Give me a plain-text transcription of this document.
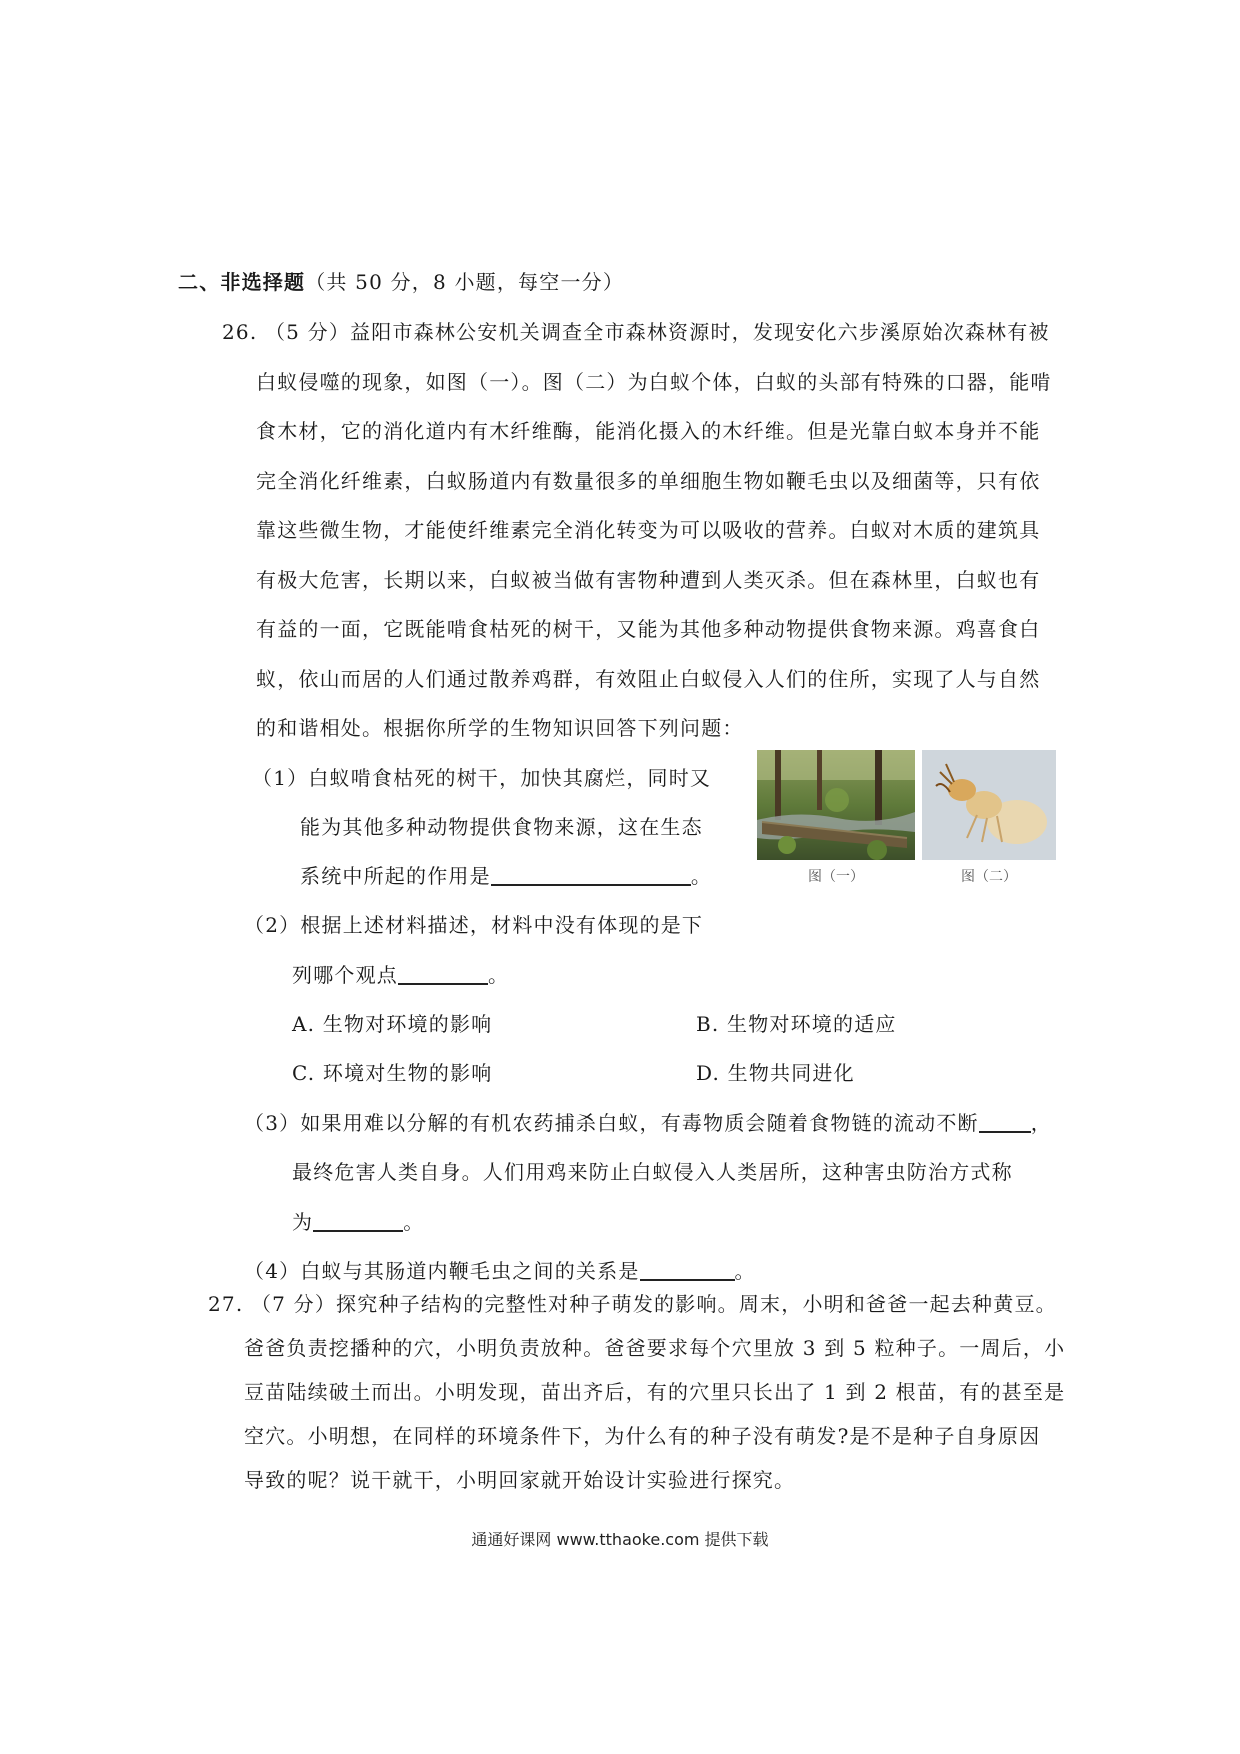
二、非选择题（共 50 分，8 小题，每空一分）
26. （5 分）益阳市森林公安机关调查全市森林资源时，发现安化六步溪原始次森林有被
白蚁侵噬的现象，如图（一）。图（二）为白蚁个体，白蚁的头部有特殊的口器，能啃
食木材，它的消化道内有木纤维酶，能消化摄入的木纤维。但是光靠白蚁本身并不能
完全消化纤维素，白蚁肠道内有数量很多的单细胞生物如鞭毛虫以及细菌等，只有依
靠这些微生物，才能使纤维素完全消化转变为可以吸收的营养。白蚁对木质的建筑具
有极大危害，长期以来，白蚁被当做有害物种遭到人类灭杀。但在森林里，白蚁也有
有益的一面，它既能啃食枯死的树干，又能为其他多种动物提供食物来源。鸡喜食白
蚁，依山而居的人们通过散养鸡群，有效阻止白蚁侵入人们的住所，实现了人与自然
的和谐相处。根据你所学的生物知识回答下列问题：
（1）白蚁啃食枯死的树干，加快其腐烂，同时又
能为其他多种动物提供食物来源，这在生态
系统中所起的作用是	。	图（一）	图（二）
（2）根据上述材料描述，材料中没有体现的是下
列哪个观点	。
A. 生物对环境的影响	B. 生物对环境的适应
C. 环境对生物的影响	D. 生物共同进化
（3）如果用难以分解的有机农药捕杀白蚁，有毒物质会随着食物链的流动不断	，
最终危害人类自身。人们用鸡来防止白蚁侵入人类居所，这种害虫防治方式称
为	。
（4）白蚁与其肠道内鞭毛虫之间的关系是	。
27. （7 分）探究种子结构的完整性对种子萌发的影响。周末，小明和爸爸一起去种黄豆。
爸爸负责挖播种的穴，小明负责放种。爸爸要求每个穴里放 3 到 5 粒种子。一周后，小
豆苗陆续破土而出。小明发现，苗出齐后，有的穴里只长出了 1 到 2 根苗，有的甚至是
空穴。小明想，在同样的环境条件下，为什么有的种子没有萌发?是不是种子自身原因
导致的呢？说干就干，小明回家就开始设计实验进行探究。
通通好课网 www.tthaoke.com 提供下载
